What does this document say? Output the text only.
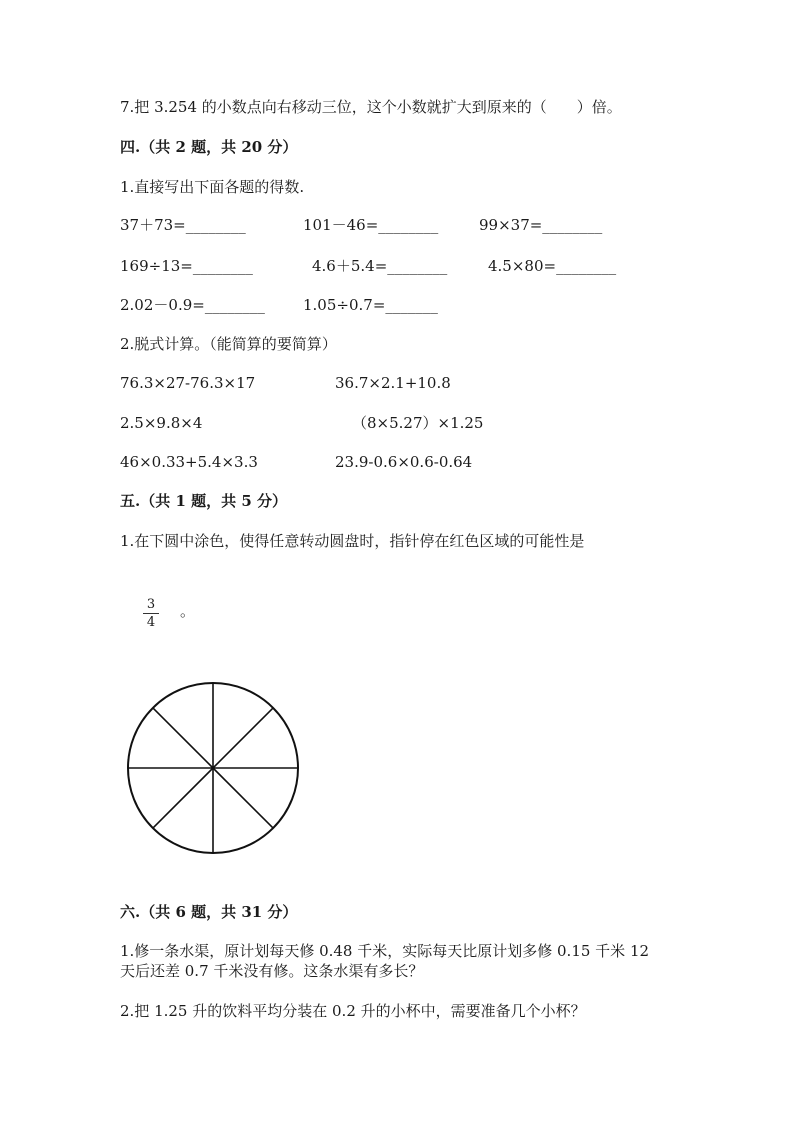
7.把 3.254 的小数点向右移动三位，这个小数就扩大到原来的（　　）倍。
四.（共 2 题，共 20 分）
1.直接写出下面各题的得数.
37＋73=________	101－46=________	99×37=________
169÷13=________	4.6＋5.4=________	4.5×80=________
2.02－0.9=________	1.05÷0.7=_______
2.脱式计算。（能简算的要简算）
76.3×27-76.3×17	36.7×2.1+10.8
2.5×9.8×4	（8×5.27）×1.25
46×0.33+5.4×3.3	23.9-0.6×0.6-0.64
五.（共 1 题，共 5 分）
1.在下圆中涂色，使得任意转动圆盘时，指针停在红色区域的可能性是
$\frac{3}{4}$ 。
六.（共 6 题，共 31 分）
1.修一条水渠，原计划每天修 0.48 千米，实际每天比原计划多修 0.15 千米 12
天后还差 0.7 千米没有修。这条水渠有多长？
2.把 1.25 升的饮料平均分装在 0.2 升的小杯中，需要准备几个小杯？
